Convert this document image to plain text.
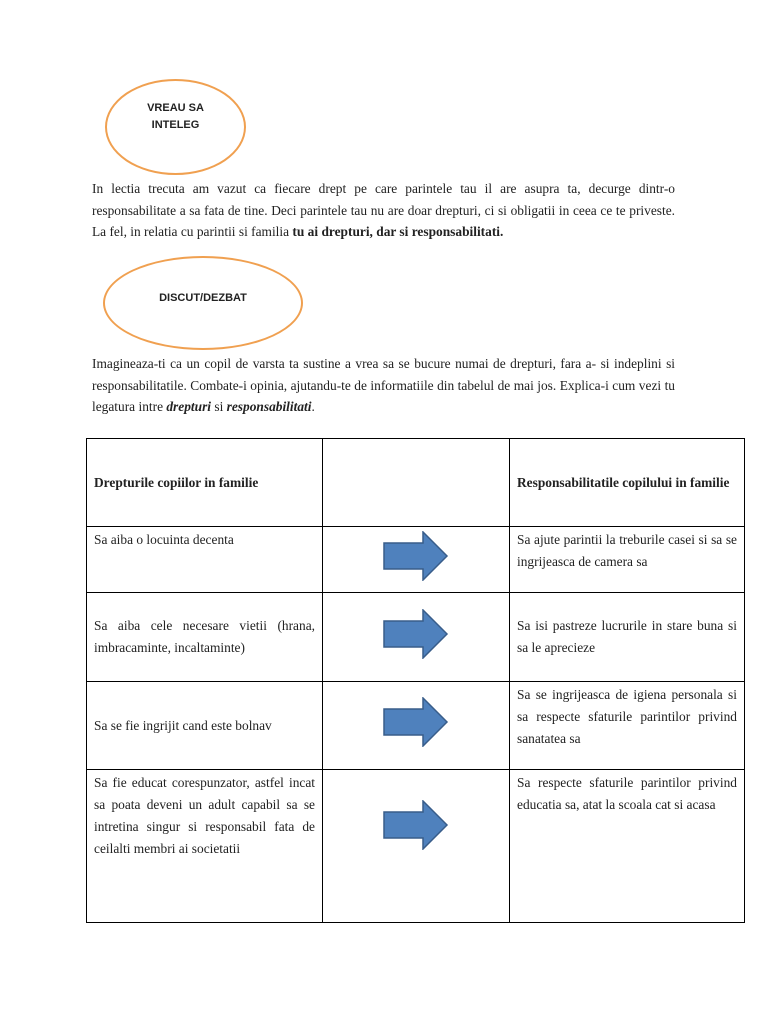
VREAU SA
INTELEG

In lectia trecuta am vazut ca fiecare drept pe care parintele tau il are asupra ta, decurge dintr-o responsabilitate a sa fata de tine. Deci parintele tau nu are doar drepturi, ci si obligatii in ceea ce te priveste. La fel, in relatia cu parintii si familia tu ai drepturi, dar si responsabilitati.

DISCUT/DEZBAT

Imagineaza-ti ca un copil de varsta ta sustine a vrea sa se bucure numai de drepturi, fara a- si indeplini si responsabilitatile. Combate-i opinia, ajutandu-te de informatiile din tabelul de mai jos. Explica-i cum vezi tu legatura intre drepturi si responsabilitati.

Drepturile copiilor in familie		Responsabilitatile copilului in familie
Sa aiba o locuinta decenta		Sa ajute parintii la treburile casei si sa se ingrijeasca de camera sa
Sa aiba cele necesare vietii (hrana, imbracaminte, incaltaminte)		Sa isi pastreze lucrurile in stare buna si sa le aprecieze
Sa se fie ingrijit cand este bolnav		Sa se ingrijeasca de igiena personala si sa respecte sfaturile parintilor privind sanatatea sa
Sa fie educat corespunzator, astfel incat sa poata deveni un adult capabil sa se intretina singur si responsabil fata de ceilalti membri ai societatii		Sa respecte sfaturile parintilor privind educatia sa, atat la scoala cat si acasa
